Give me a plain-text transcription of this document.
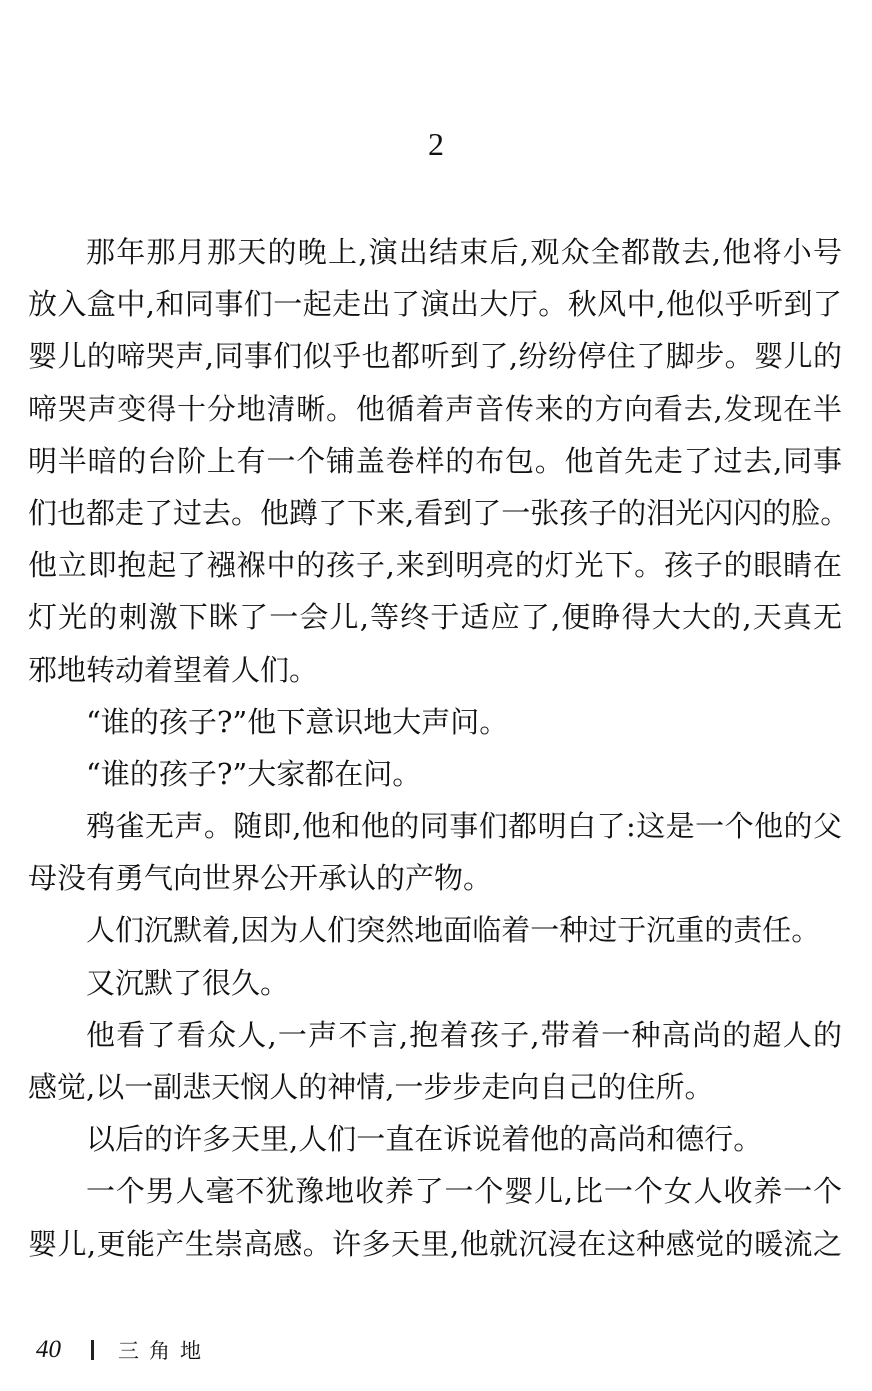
2
那年那月那天的晚上,演出结束后,观众全都散去,他将小号
放入盒中,和同事们一起走出了演出大厅。秋风中,他似乎听到了
婴儿的啼哭声,同事们似乎也都听到了,纷纷停住了脚步。婴儿的
啼哭声变得十分地清晰。他循着声音传来的方向看去,发现在半
明半暗的台阶上有一个铺盖卷样的布包。他首先走了过去,同事
们也都走了过去。他蹲了下来,看到了一张孩子的泪光闪闪的脸。
他立即抱起了襁褓中的孩子,来到明亮的灯光下。孩子的眼睛在
灯光的刺激下眯了一会儿,等终于适应了,便睁得大大的,天真无
邪地转动着望着人们。
“谁的孩子?”他下意识地大声问。
“谁的孩子?”大家都在问。
鸦雀无声。随即,他和他的同事们都明白了:这是一个他的父
母没有勇气向世界公开承认的产物。
人们沉默着,因为人们突然地面临着一种过于沉重的责任。
又沉默了很久。
他看了看众人,一声不言,抱着孩子,带着一种高尚的超人的
感觉,以一副悲天悯人的神情,一步步走向自己的住所。
以后的许多天里,人们一直在诉说着他的高尚和德行。
一个男人毫不犹豫地收养了一个婴儿,比一个女人收养一个
婴儿,更能产生崇高感。许多天里,他就沉浸在这种感觉的暖流之
40	三角地
